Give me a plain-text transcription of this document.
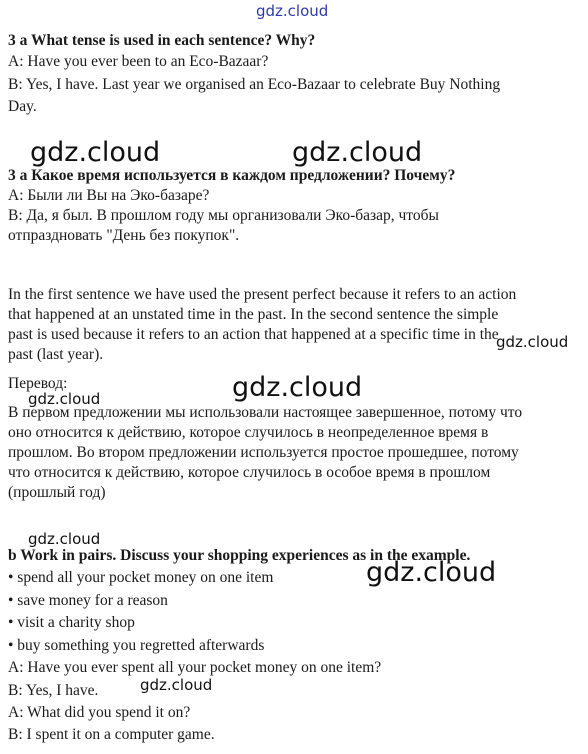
gdz.cloud
3 a What tense is used in each sentence? Why?
A: Have you ever been to an Eco-Bazaar?
B: Yes, I have. Last year we organised an Eco-Bazaar to celebrate Buy Nothing
Day.
gdz.cloud	gdz.cloud
3 a Какое время используется в каждом предложении? Почему?
А: Были ли Вы на Эко-базаре?
В: Да, я был. В прошлом году мы организовали Эко-базар, чтобы
отпраздновать "День без покупок".
In the first sentence we have used the present perfect because it refers to an action
that happened at an unstated time in the past. In the second sentence the simple
past is used because it refers to an action that happened at a specific time in the
past (last year).
gdz.cloud
Перевод:	gdz.cloud
gdz.cloud
В первом предложении мы использовали настоящее завершенное, потому что
оно относится к действию, которое случилось в неопределенное время в
прошлом. Во втором предложении используется простое прошедшее, потому
что относится к действию, которое случилось в особое время в прошлом
(прошлый год)
gdz.cloud
b Work in pairs. Discuss your shopping experiences as in the example.
• spend all your pocket money on one item	gdz.cloud
• save money for a reason
• visit a charity shop
• buy something you regretted afterwards
A: Have you ever spent all your pocket money on one item?
B: Yes, I have.	gdz.cloud
A: What did you spend it on?
B: I spent it on a computer game.
